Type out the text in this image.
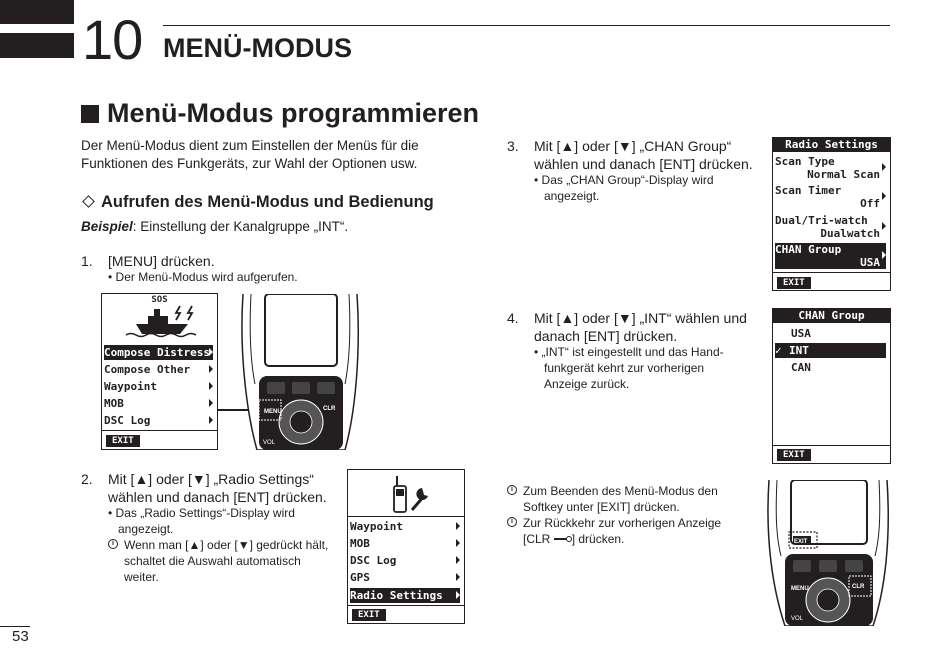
10 MENÜ-MODUS
Menü-Modus programmieren
Der Menü-Modus dient zum Einstellen der Menüs für die
Funktionen des Funkgeräts, zur Wahl der Optionen usw.
Aufrufen des Menü-Modus und Bedienung
Beispiel: Einstellung der Kanalgruppe „INT“.
1. [MENU] drücken.
• Der Menü-Modus wird aufgerufen.
SOS
Compose Distress
Compose Other
Waypoint
MOB
DSC Log
EXIT
MENU	CLR
VOL
2. Mit [▲] oder [▼] „Radio Settings“
wählen und danach [ENT] drücken.
• Das „Radio Settings“-Display wird
angezeigt.
i Wenn man [▲] oder [▼] gedrückt hält,
schaltet die Auswahl automatisch
weiter.
Waypoint
MOB
DSC Log
GPS
Radio Settings
EXIT
3. Mit [▲] oder [▼] „CHAN Group“
wählen und danach [ENT] drücken.
• Das „CHAN Group“-Display wird
angezeigt.
Radio Settings
Scan Type
Normal Scan
Scan Timer
Off
Dual/Tri-watch
Dualwatch
CHAN Group
USA
EXIT
4. Mit [▲] oder [▼] „INT“ wählen und
danach [ENT] drücken.
• „INT“ ist eingestellt und das Hand-
funkgerät kehrt zur vorherigen
Anzeige zurück.
CHAN Group
USA
✓ INT
CAN
EXIT
i Zum Beenden des Menü-Modus den
Softkey unter [EXIT] drücken.
i Zur Rückkehr zur vorherigen Anzeige
[CLR ] drücken.	EXIT
MENU	CLR
VOL
53
